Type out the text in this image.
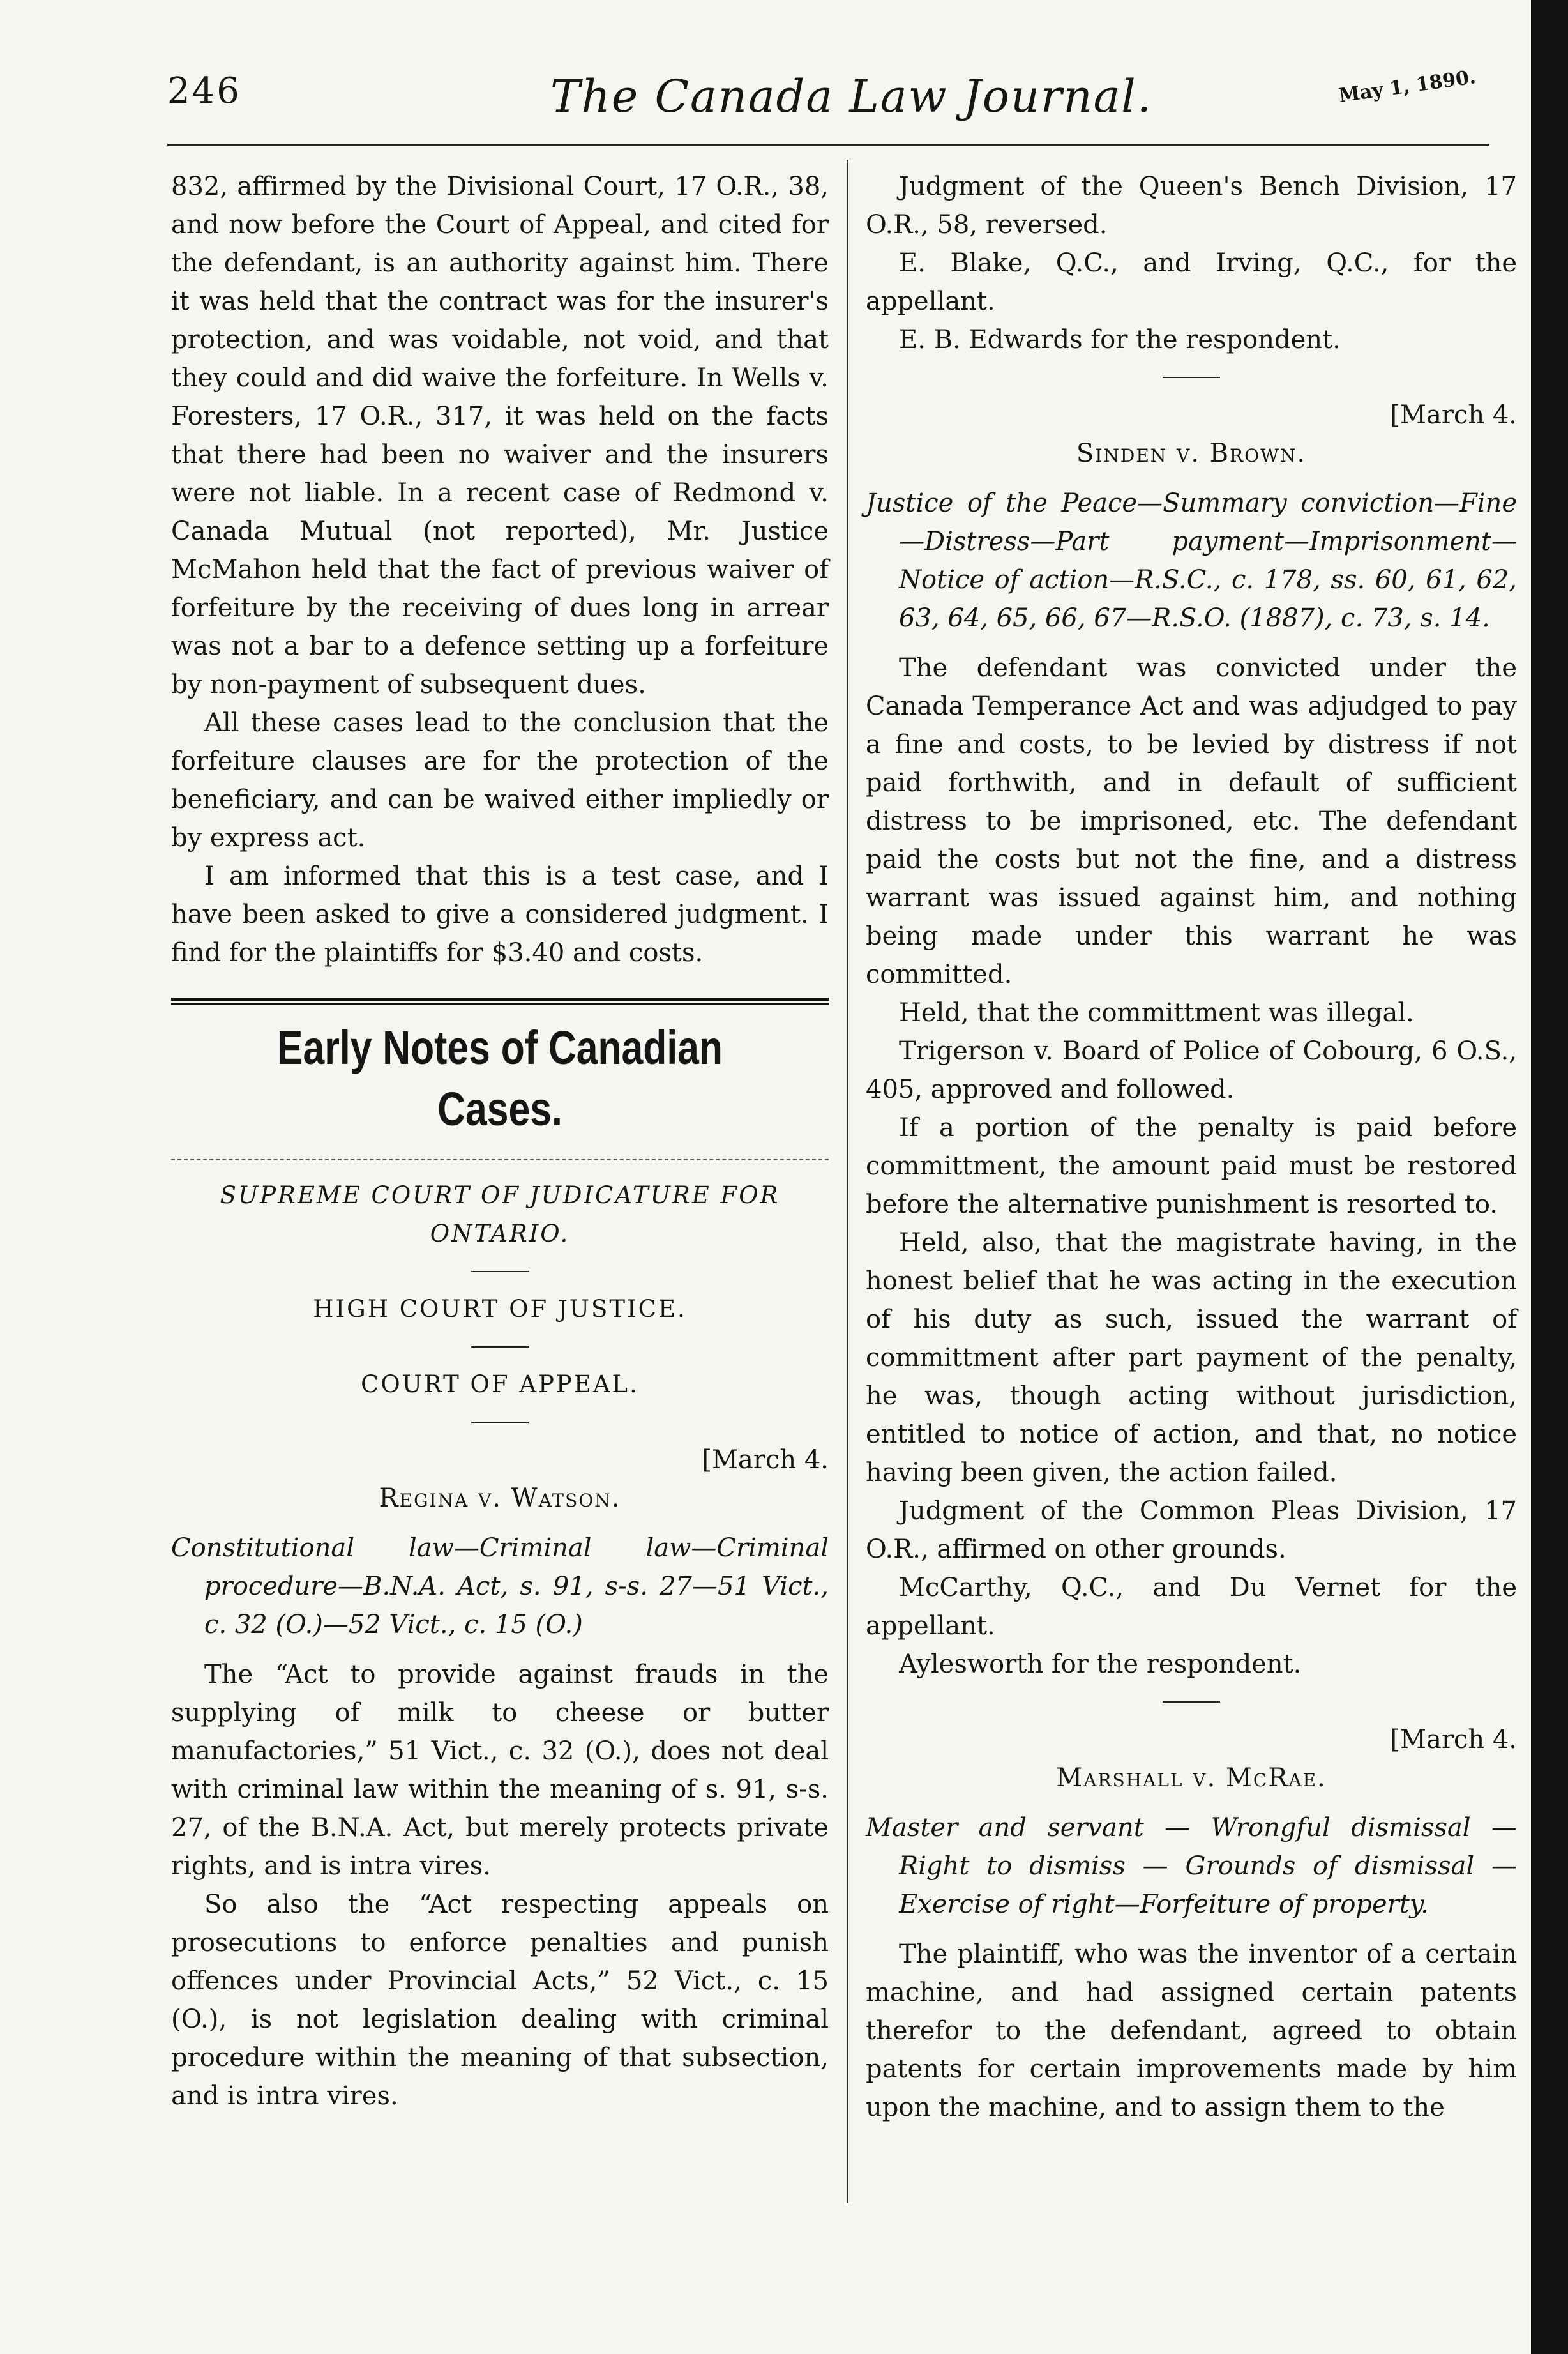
246	The Canada Law Journal.	May 1, 1890.

832, affirmed by the Divisional Court, 17 O.R., 38, and now before the Court of Appeal, and cited for the defendant, is an authority against him. There it was held that the contract was for the insurer's protection, and was voidable, not void, and that they could and did waive the forfeiture. In Wells v. Foresters, 17 O.R., 317, it was held on the facts that there had been no waiver and the insurers were not liable. In a recent case of Redmond v. Canada Mutual (not reported), Mr. Justice McMahon held that the fact of previous waiver of forfeiture by the receiving of dues long in arrear was not a bar to a defence setting up a forfeiture by non-payment of subsequent dues.

All these cases lead to the conclusion that the forfeiture clauses are for the protection of the beneficiary, and can be waived either impliedly or by express act.

I am informed that this is a test case, and I have been asked to give a considered judgment. I find for the plaintiffs for $3.40 and costs.

Early Notes of Canadian Cases.

SUPREME COURT OF JUDICATURE FOR ONTARIO.

HIGH COURT OF JUSTICE.

COURT OF APPEAL.

[March 4.

Regina v. Watson.

Constitutional law—Criminal law—Criminal procedure—B.N.A. Act, s. 91, s-s. 27—51 Vict., c. 32 (O.)—52 Vict., c. 15 (O.)

The “Act to provide against frauds in the supplying of milk to cheese or butter manufactories,” 51 Vict., c. 32 (O.), does not deal with criminal law within the meaning of s. 91, s-s. 27, of the B.N.A. Act, but merely protects private rights, and is intra vires.

So also the “Act respecting appeals on prosecutions to enforce penalties and punish offences under Provincial Acts,” 52 Vict., c. 15 (O.), is not legislation dealing with criminal procedure within the meaning of that subsection, and is intra vires.

Judgment of the Queen's Bench Division, 17 O.R., 58, reversed.

E. Blake, Q.C., and Irving, Q.C., for the appellant.

E. B. Edwards for the respondent.

[March 4.

Sinden v. Brown.

Justice of the Peace—Summary conviction—Fine—Distress—Part payment—Imprisonment—Notice of action—R.S.C., c. 178, ss. 60, 61, 62, 63, 64, 65, 66, 67—R.S.O. (1887), c. 73, s. 14.

The defendant was convicted under the Canada Temperance Act and was adjudged to pay a fine and costs, to be levied by distress if not paid forthwith, and in default of sufficient distress to be imprisoned, etc. The defendant paid the costs but not the fine, and a distress warrant was issued against him, and nothing being made under this warrant he was committed.

Held, that the committment was illegal.

Trigerson v. Board of Police of Cobourg, 6 O.S., 405, approved and followed.

If a portion of the penalty is paid before committment, the amount paid must be restored before the alternative punishment is resorted to.

Held, also, that the magistrate having, in the honest belief that he was acting in the execution of his duty as such, issued the warrant of committment after part payment of the penalty, he was, though acting without jurisdiction, entitled to notice of action, and that, no notice having been given, the action failed.

Judgment of the Common Pleas Division, 17 O.R., affirmed on other grounds.

McCarthy, Q.C., and Du Vernet for the appellant.

Aylesworth for the respondent.

[March 4.

Marshall v. McRae.

Master and servant — Wrongful dismissal — Right to dismiss — Grounds of dismissal — Exercise of right—Forfeiture of property.

The plaintiff, who was the inventor of a certain machine, and had assigned certain patents therefor to the defendant, agreed to obtain patents for certain improvements made by him upon the machine, and to assign them to the
